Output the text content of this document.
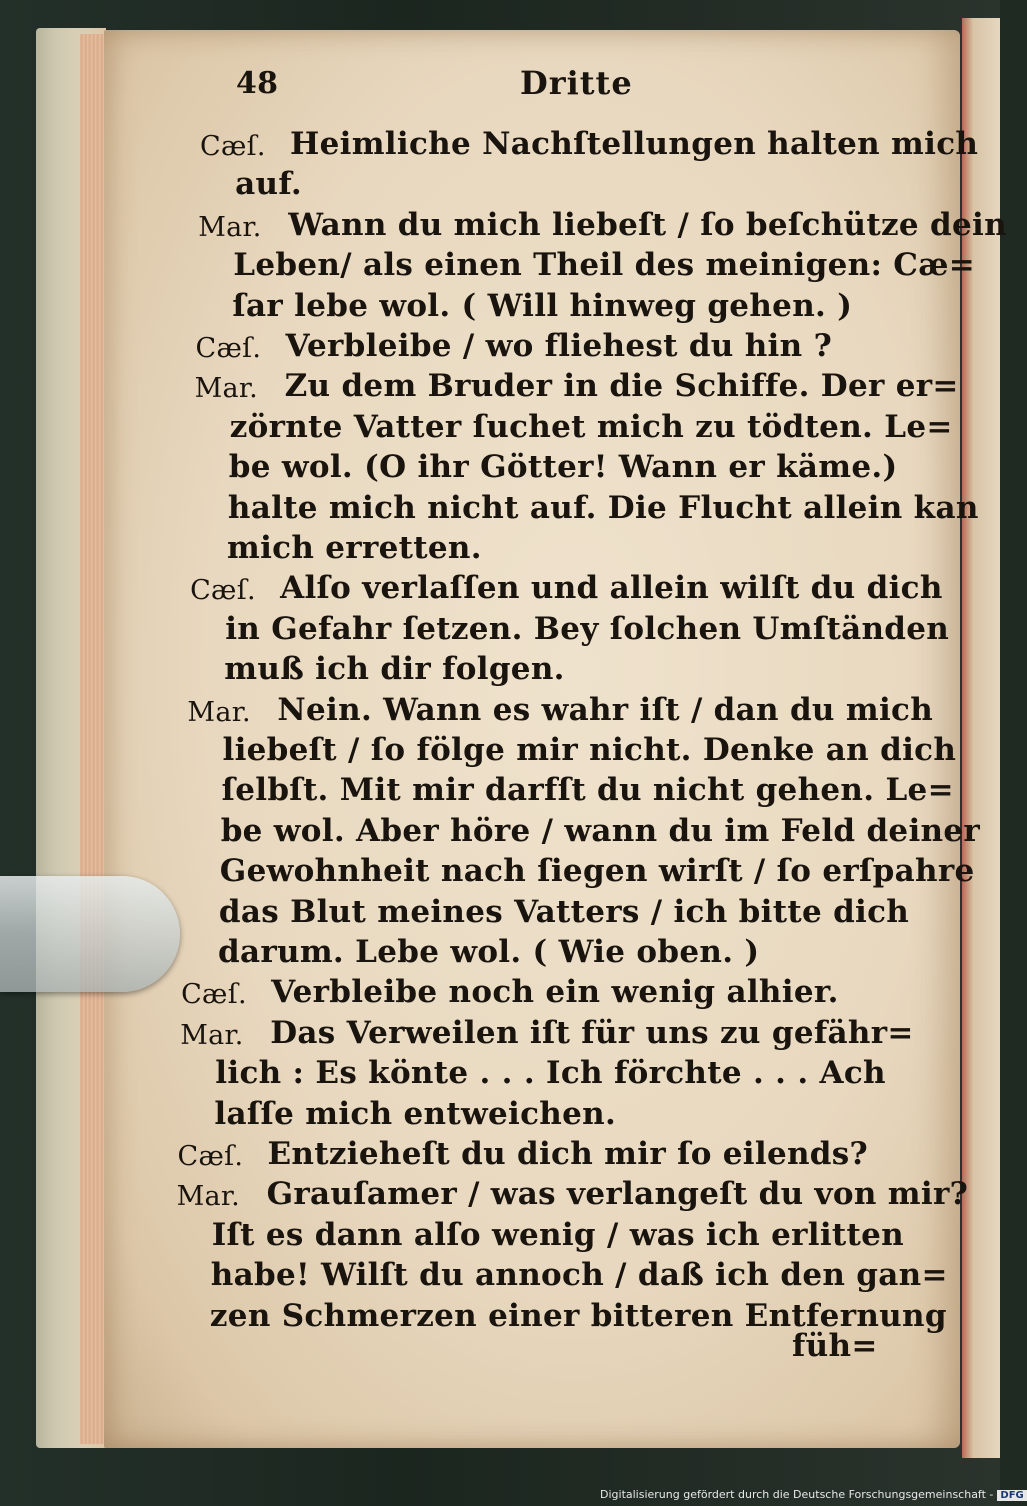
48	Dritte
Cæſ. Heimliche Nachſtellungen halten mich
auf.
Mar. Wann du mich liebeſt / ſo beſchütze dein
Leben/ als einen Theil des meinigen: Cæ=
ſar lebe wol. ( Will hinweg gehen. )
Cæſ. Verbleibe / wo fliehest du hin ?
Mar. Zu dem Bruder in die Schiffe. Der er=
zörnte Vatter ſuchet mich zu tödten. Le=
be wol. (O ihr Götter! Wann er käme.)
halte mich nicht auf. Die Flucht allein kan
mich erretten.
Cæſ. Alſo verlaſſen und allein wilſt du dich
in Gefahr ſetzen. Bey ſolchen Umſtänden
muß ich dir folgen.
Mar. Nein. Wann es wahr iſt / dan du mich
liebeſt / ſo fölge mir nicht. Denke an dich
ſelbſt. Mit mir darfſt du nicht gehen. Le=
be wol. Aber höre / wann du im Feld deiner
Gewohnheit nach ſiegen wirſt / ſo erſpahre
das Blut meines Vatters / ich bitte dich
darum. Lebe wol. ( Wie oben. )
Cæſ. Verbleibe noch ein wenig alhier.
Mar. Das Verweilen iſt für uns zu gefähr=
lich : Es könte . . . Ich förchte . . . Ach
laſſe mich entweichen.
Cæſ. Entzieheſt du dich mir ſo eilends?
Mar. Grauſamer / was verlangeſt du von mir?
Iſt es dann alſo wenig / was ich erlitten
habe! Wilſt du annoch / daß ich den gan=
zen Schmerzen einer bitteren Entfernung
füh=
Digitalisierung gefördert durch die Deutsche Forschungsgemeinschaft - DFG
